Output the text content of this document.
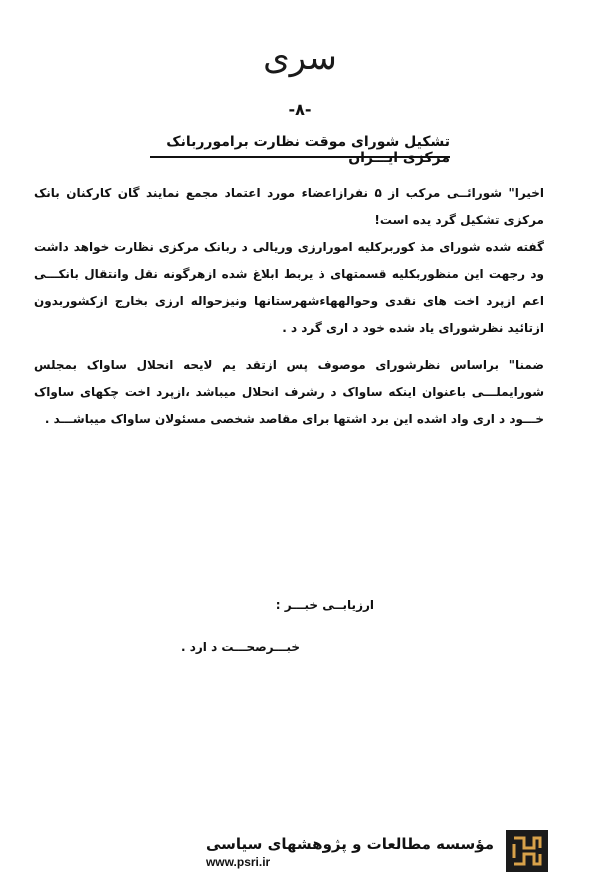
سری
-۸-
تشکیل شورای موقت نظارت برامورربانک مرکزی ایـــران
اخیرا" شورائــی مرکب از ۵ نفرازاعضاء مورد اعتماد مجمع نمایند گان کارکنان بانک مرکزی تشکیل گرد یده است!
گفته شده شورای مذ کوربرکلیه امورارزی وریالی د ربانک مرکزی نظارت خواهد داشت ود رجهت این منظوربکلیه قسمتهای ذ یربط ابلاغ شده ازهرگونه نقل وانتقال بانکـــی اعم ازپرد اخت های نقدی وحوالههاءشهرستانها ونیزحواله ارزی بخارج ازکشوربدون ازتائید نظرشورای یاد شده خود د اری گرد د .
ضمنا" براساس نظرشورای موصوف پس ازتقد یم لایحه انحلال ساواک بمجلس شورایملـــی باعنوان اینکه ساواک د رشرف انحلال میباشد ،ازپرد اخت چکهای ساواک خـــود د اری واد اشده این برد اشتها برای مقاصد شخصی مسئولان ساواک میباشـــد .
ارزیابــی خبـــر :
خبـــرصحـــت د ارد .
مؤسسه مطالعات و پژوهشهای سیاسی
www.psri.ir
